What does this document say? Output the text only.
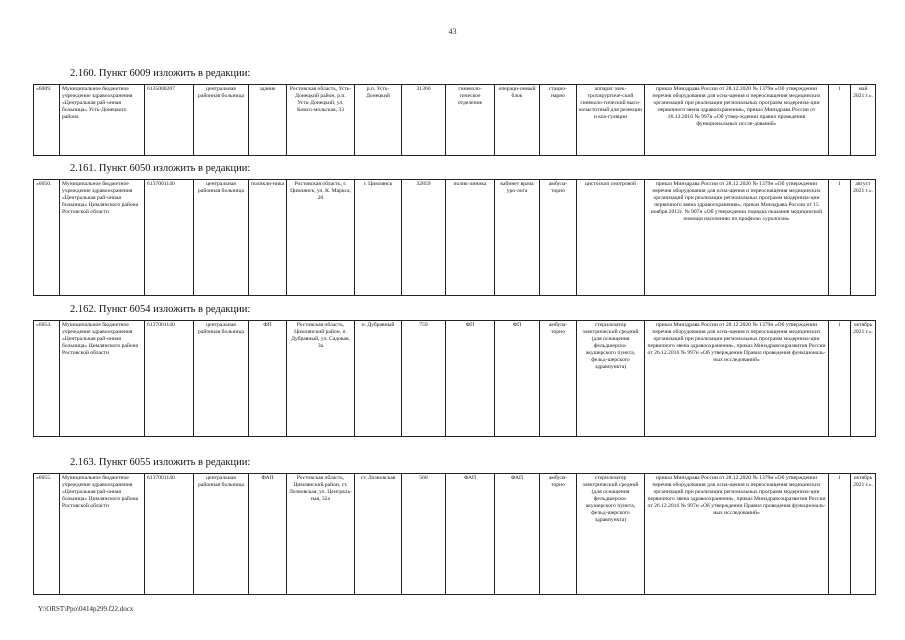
43
2.160. Пункт 6009 изложить в редакции:
«6009.	Муниципальное бюджетное учреждение здравоохранения «Центральная рай-онная больница» Усть-Донецкого района	6135000207	центральная районная больница	здание	Ростовская область, Усть-Донецкий район, р.п. Усть-Донецкий, ул. Комсо-мольская, 33	р.п. Усть-Донецкий	31360	гинеколо-гическое отделение	операци-онный блок	стацио-нарно	аппарат элек-трохирургиче-ский гинеколо-гический высо-кочастотный для резекции и коа-гуляции	приказ Минздрава России от 28.12.2020 № 1379н «Об утверждении перечня оборудования для осна-щения и переоснащения медицинских организаций при реализации региональных программ модерниза-ции первичного звена здравоохранения», приказ Минздрава России от 26.12.2016 № 997н «Об утвер-ждении правил проведения функциональных иссле-дований»	1	май 2021 г.».
2.161. Пункт 6050 изложить в редакции:
«6050.	Муниципальное бюджетное учреждение здравоохранения «Центральная рай-онная больница» Цимлянского района Ростовской области	6137001140	центральная районная больница	поликли-ника	Ростовская область, г. Цимлянск, ул. К. Маркса, 20	г. Цимлянск	32859	полик-линика	кабинет врача уро-лога	амбула-торно	цистоскоп смотровой	приказ Минздрава России от 28.12.2020 № 1379н «Об утверждении перечня оборудования для осна-щения и переоснащения медицинских организаций при реализации региональных программ модерниза-ции первичного звена здравоохранения», приказ Минздрава России от 15 ноября 2012г. № 907н «Об утверждении порядка оказания медицинской помощи населению по профилю «урология»	1	август 2021 г.».
2.162. Пункт 6054 изложить в редакции:
«6054.	Муниципальное бюджетное учреждение здравоохранения «Центральная рай-онная больница» Цимлянского района Ростовской области	6137001140	центральная районная больница	ФП	Ростовская область, Цимлянский район, п. Дубравный, ул. Садовая, 3а	п. Дубравный	759	ФП	ФП	амбула-торно	стерилизатор электрический средний (для оснащения фельдшерско-акушерского пункта, фельд-шерского здравпункта)	приказ Минздрава России от 28.12.2020 № 1379н «Об утверждении перечня оборудования для осна-щения и переоснащения медицинских организаций при реализации региональных программ модерниза-ции первичного звена здравоохранения», приказ Минздравсоцразвития России от 26.12.2016 № 997н «Об утверждении Правил проведения функциональ-ных исследований»	1	октябрь 2021 г.».
2.163. Пункт 6055 изложить в редакции:
«6055.	Муниципальное бюджетное учреждение здравоохранения «Центральная рай-онная больница» Цимлянского района Ростовской области	6137001140	центральная районная больница	ФАП	Ростовская область, Цимлянский район, ст. Лозновская, ул. Централь-ная, 32а	ст. Лозновская	560	ФАП	ФАП	амбула-торно	стерилизатор электрический средний (для оснащения фельдшерско-акушерского пункта, фельд-шерского здравпункта)	приказ Минздрава России от 28.12.2020 № 1379н «Об утверждении перечня оборудования для осна-щения и переоснащения медицинских организаций при реализации региональных программ модерниза-ции первичного звена здравоохранения», приказ Минздравсоцразвития России от 26.12.2016 № 997н «Об утверждении Правил проведения функциональ-ных исследований»	1	октябрь 2021 г.».
Y:\ORST\Ppo\0414p299.f22.docx
